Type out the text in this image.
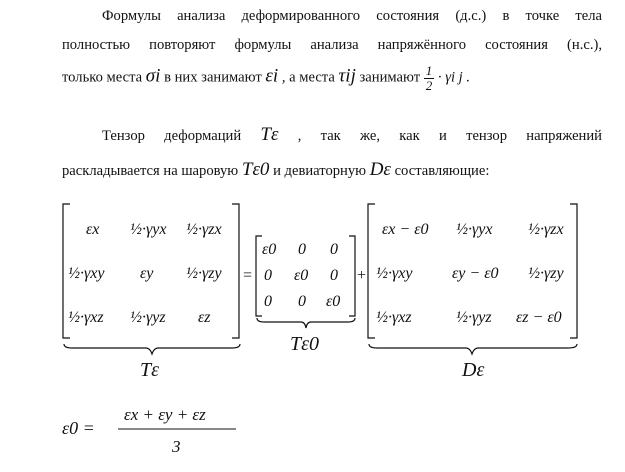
Формулы анализа деформированного состояния (д.с.) в точке тела
полностью повторяют формулы анализа напряжённого состояния (н.с.),
только места σi в них занимают εi , а места τij занимают $\frac{1}{2} \cdot \gamma i$ j .
Тензор деформаций Tε , так же, как и тензор напряжений
раскладывается на шаровую Tε0 и девиаторную Dε составляющие:
εx ½·γyx ½·γzx
½·γxy εy ½·γzy
½·γxz ½·γyz εz
=
ε0 0 0
0 ε0 0
0 0 ε0
+
εx − ε0 ½·γyx ½·γzx
½·γxy εy − ε0 ½·γzy
½·γxz	½·γyz εz − ε0
Tε
Tε0
Dε
ε0 =
εx + εy + εz
3
